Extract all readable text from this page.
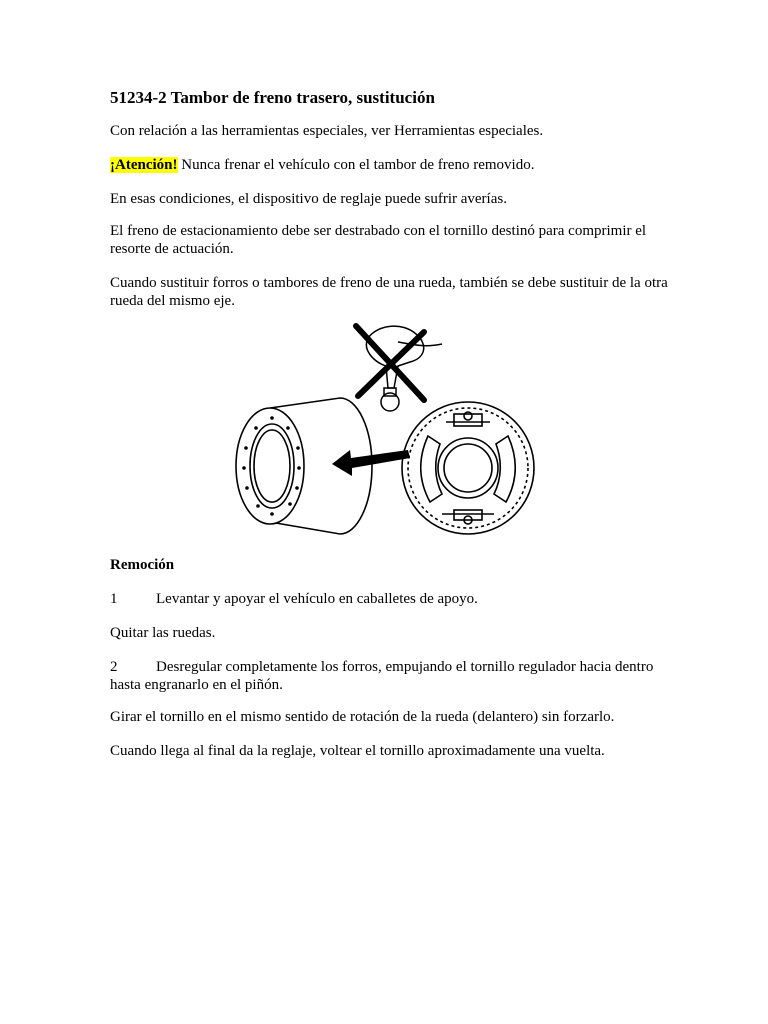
51234-2 Tambor de freno trasero, sustitución

Con relación a las herramientas especiales, ver Herramientas especiales.

¡Atención! Nunca frenar el vehículo con el tambor de freno removido.

En esas condiciones, el dispositivo de reglaje puede sufrir averías.

El freno de estacionamiento debe ser destrabado con el tornillo destinó para comprimir el resorte de actuación.

Cuando sustituir forros o tambores de freno de una rueda, también se debe sustituir de la otra rueda del mismo eje.

Remoción

1	Levantar y apoyar el vehículo en caballetes de apoyo.

Quitar las ruedas.

2	Desregular completamente los forros, empujando el tornillo regulador hacia dentro hasta engranarlo en el piñón.

Girar el tornillo en el mismo sentido de rotación de la rueda (delantero) sin forzarlo.

Cuando llega al final da la reglaje, voltear el tornillo aproximadamente una vuelta.
